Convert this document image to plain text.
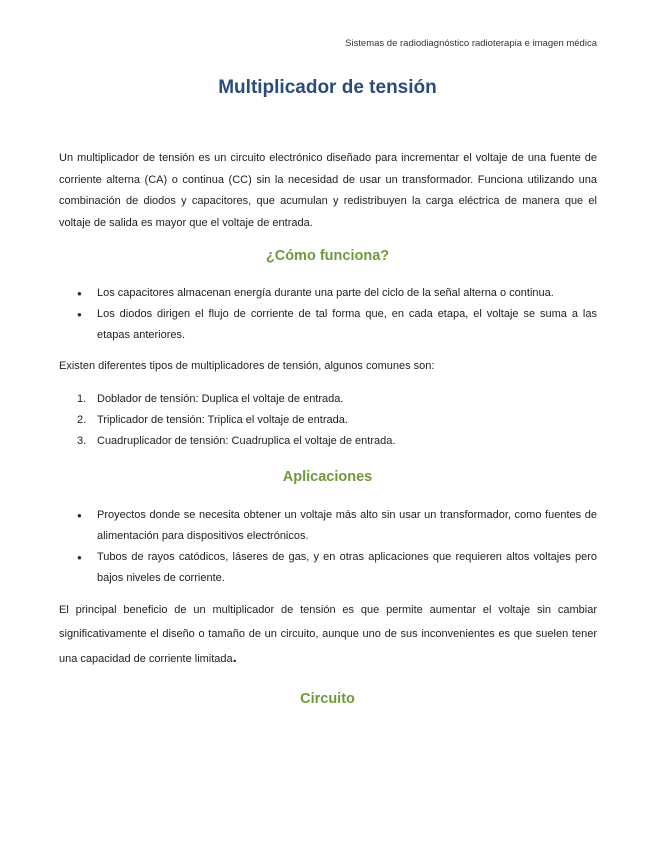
Sistemas de radiodiagnóstico radioterapia e imagen médica
Multiplicador de tensión

Un multiplicador de tensión es un circuito electrónico diseñado para incrementar el voltaje de una fuente de corriente alterna (CA) o continua (CC) sin la necesidad de usar un transformador. Funciona utilizando una combinación de diodos y capacitores, que acumulan y redistribuyen la carga eléctrica de manera que el voltaje de salida es mayor que el voltaje de entrada.

¿Cómo funciona?
● Los capacitores almacenan energía durante una parte del ciclo de la señal alterna o continua.
● Los diodos dirigen el flujo de corriente de tal forma que, en cada etapa, el voltaje se suma a las etapas anteriores.

Existen diferentes tipos de multiplicadores de tensión, algunos comunes son:

1. Doblador de tensión: Duplica el voltaje de entrada.
2. Triplicador de tensión: Triplica el voltaje de entrada.
3. Cuadruplicador de tensión: Cuadruplica el voltaje de entrada.
Aplicaciones
● Proyectos donde se necesita obtener un voltaje más alto sin usar un transformador, como fuentes de alimentación para dispositivos electrónicos.
● Tubos de rayos catódicos, láseres de gas, y en otras aplicaciones que requieren altos voltajes pero bajos niveles de corriente.

El principal beneficio de un multiplicador de tensión es que permite aumentar el voltaje sin cambiar significativamente el diseño o tamaño de un circuito, aunque uno de sus inconvenientes es que suelen tener una capacidad de corriente limitada.

Circuito
